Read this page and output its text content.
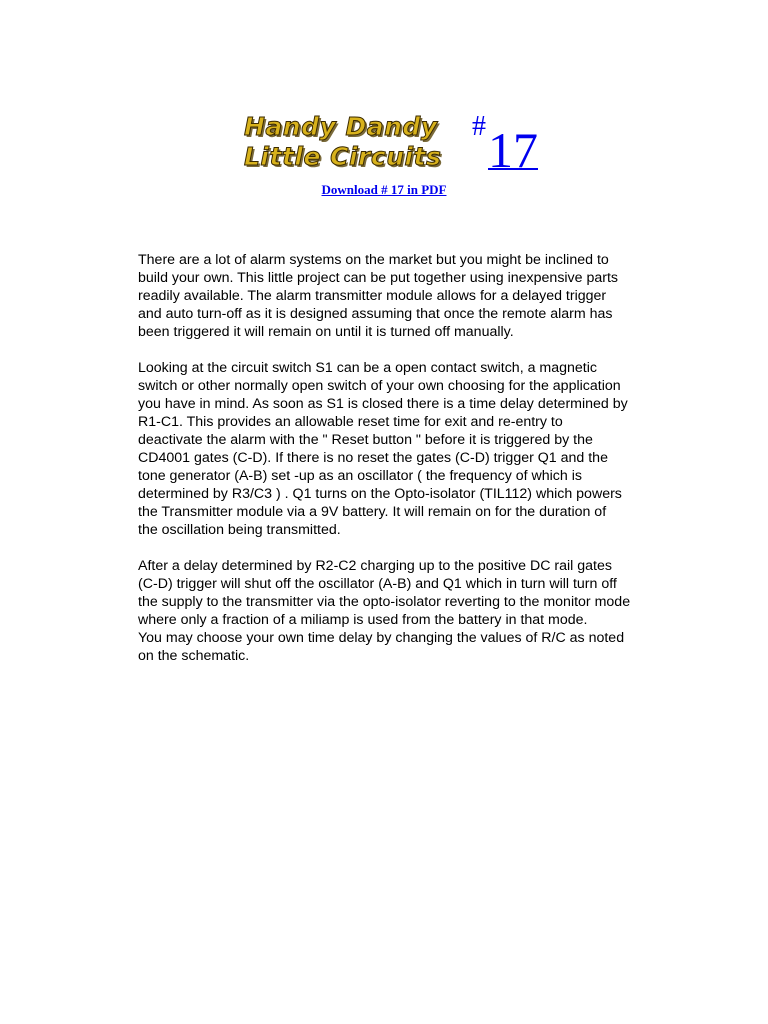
Handy Dandy
Little Circuits
# 17
Download # 17 in PDF

There are a lot of alarm systems on the market but you might be inclined to
build your own. This little project can be put together using inexpensive parts
readily available. The alarm transmitter module allows for a delayed trigger
and auto turn-off as it is designed assuming that once the remote alarm has
been triggered it will remain on until it is turned off manually.

Looking at the circuit switch S1 can be a open contact switch, a magnetic
switch or other normally open switch of your own choosing for the application
you have in mind. As soon as S1 is closed there is a time delay determined by
R1-C1. This provides an allowable reset time for exit and re-entry to
deactivate the alarm with the " Reset button " before it is triggered by the
CD4001 gates (C-D). If there is no reset the gates (C-D) trigger Q1 and the
tone generator (A-B) set -up as an oscillator ( the frequency of which is
determined by R3/C3 ) . Q1 turns on the Opto-isolator (TIL112) which powers
the Transmitter module via a 9V battery. It will remain on for the duration of
the oscillation being transmitted.

After a delay determined by R2-C2 charging up to the positive DC rail gates
(C-D) trigger will shut off the oscillator (A-B) and Q1 which in turn will turn off
the supply to the transmitter via the opto-isolator reverting to the monitor mode
where only a fraction of a miliamp is used from the battery in that mode.
You may choose your own time delay by changing the values of R/C as noted
on the schematic.
